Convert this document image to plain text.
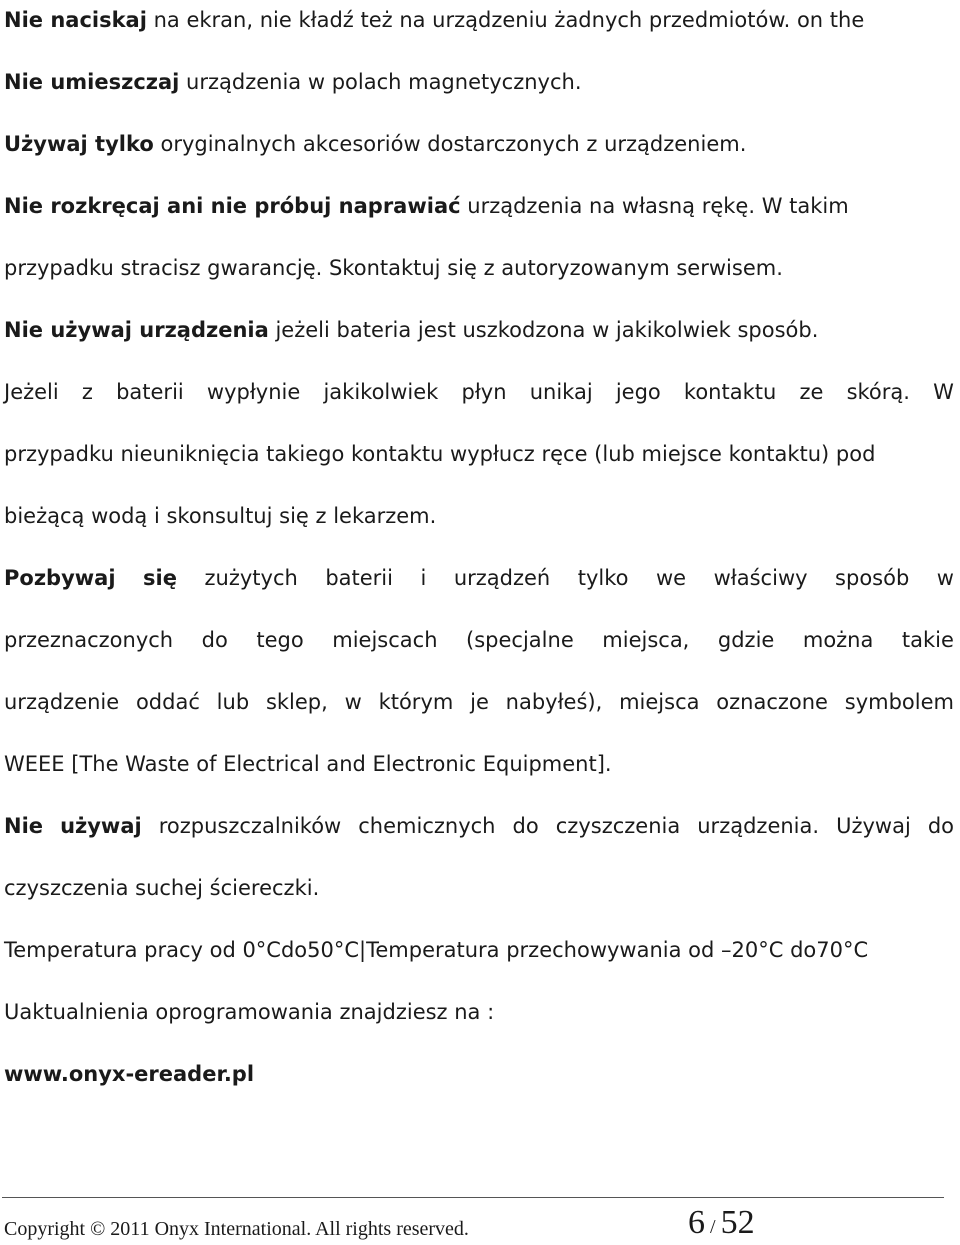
Nie naciskaj na ekran, nie kładź też na urządzeniu żadnych przedmiotów. on the
Nie umieszczaj urządzenia w polach magnetycznych.
Używaj tylko oryginalnych akcesoriów dostarczonych z urządzeniem.
Nie rozkręcaj ani nie próbuj naprawiać urządzenia na własną rękę. W takim
przypadku stracisz gwarancję. Skontaktuj się z autoryzowanym serwisem.
Nie używaj urządzenia jeżeli bateria jest uszkodzona w jakikolwiek sposób.
Jeżeli z baterii wypłynie jakikolwiek płyn unikaj jego kontaktu ze skórą. W
przypadku nieuniknięcia takiego kontaktu wypłucz ręce (lub miejsce kontaktu) pod
bieżącą wodą i skonsultuj się z lekarzem.
Pozbywaj się zużytych baterii i urządzeń tylko we właściwy sposób w
przeznaczonych do tego miejscach (specjalne miejsca, gdzie można takie
urządzenie oddać lub sklep, w którym je nabyłeś), miejsca oznaczone symbolem
WEEE [The Waste of Electrical and Electronic Equipment].
Nie używaj rozpuszczalników chemicznych do czyszczenia urządzenia. Używaj do
czyszczenia suchej ściereczki.
Temperatura pracy od 0°Cdo50°C|Temperatura przechowywania od –20°C do70°C
Uaktualnienia oprogramowania znajdziesz na :
www.onyx-ereader.pl
Copyright © 2011 Onyx International. All rights reserved.	6 / 52
